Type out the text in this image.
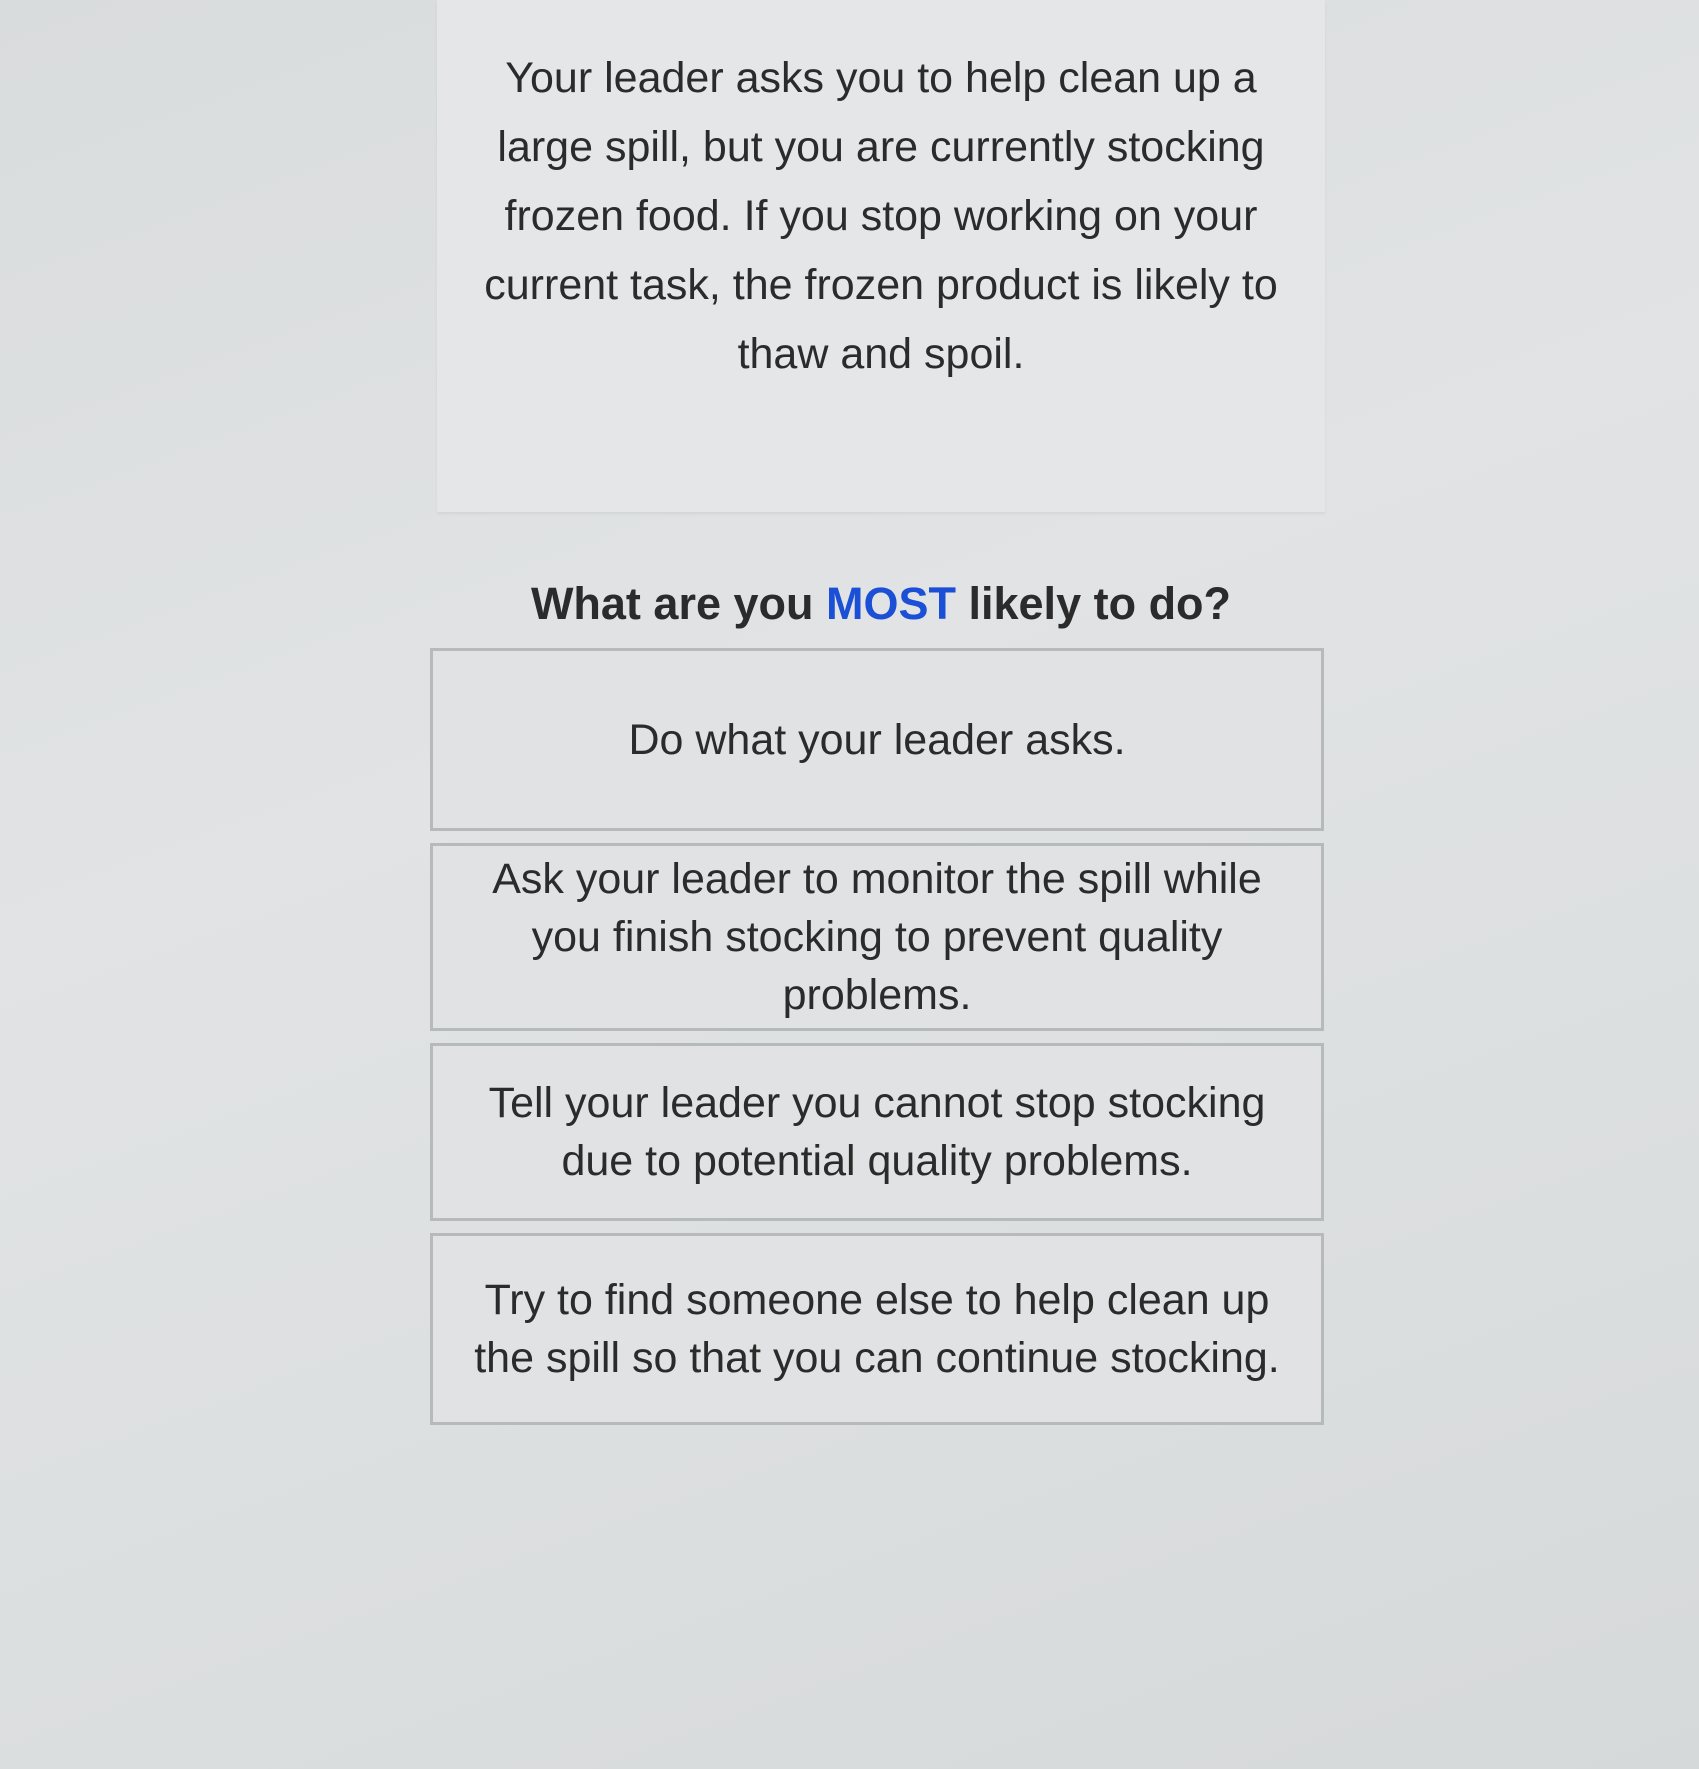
Your leader asks you to help clean up a large spill, but you are currently stocking frozen food. If you stop working on your current task, the frozen product is likely to thaw and spoil.

What are you MOST likely to do?

Do what your leader asks.
Ask your leader to monitor the spill while you finish stocking to prevent quality problems.
Tell your leader you cannot stop stocking due to potential quality problems.
Try to find someone else to help clean up the spill so that you can continue stocking.
